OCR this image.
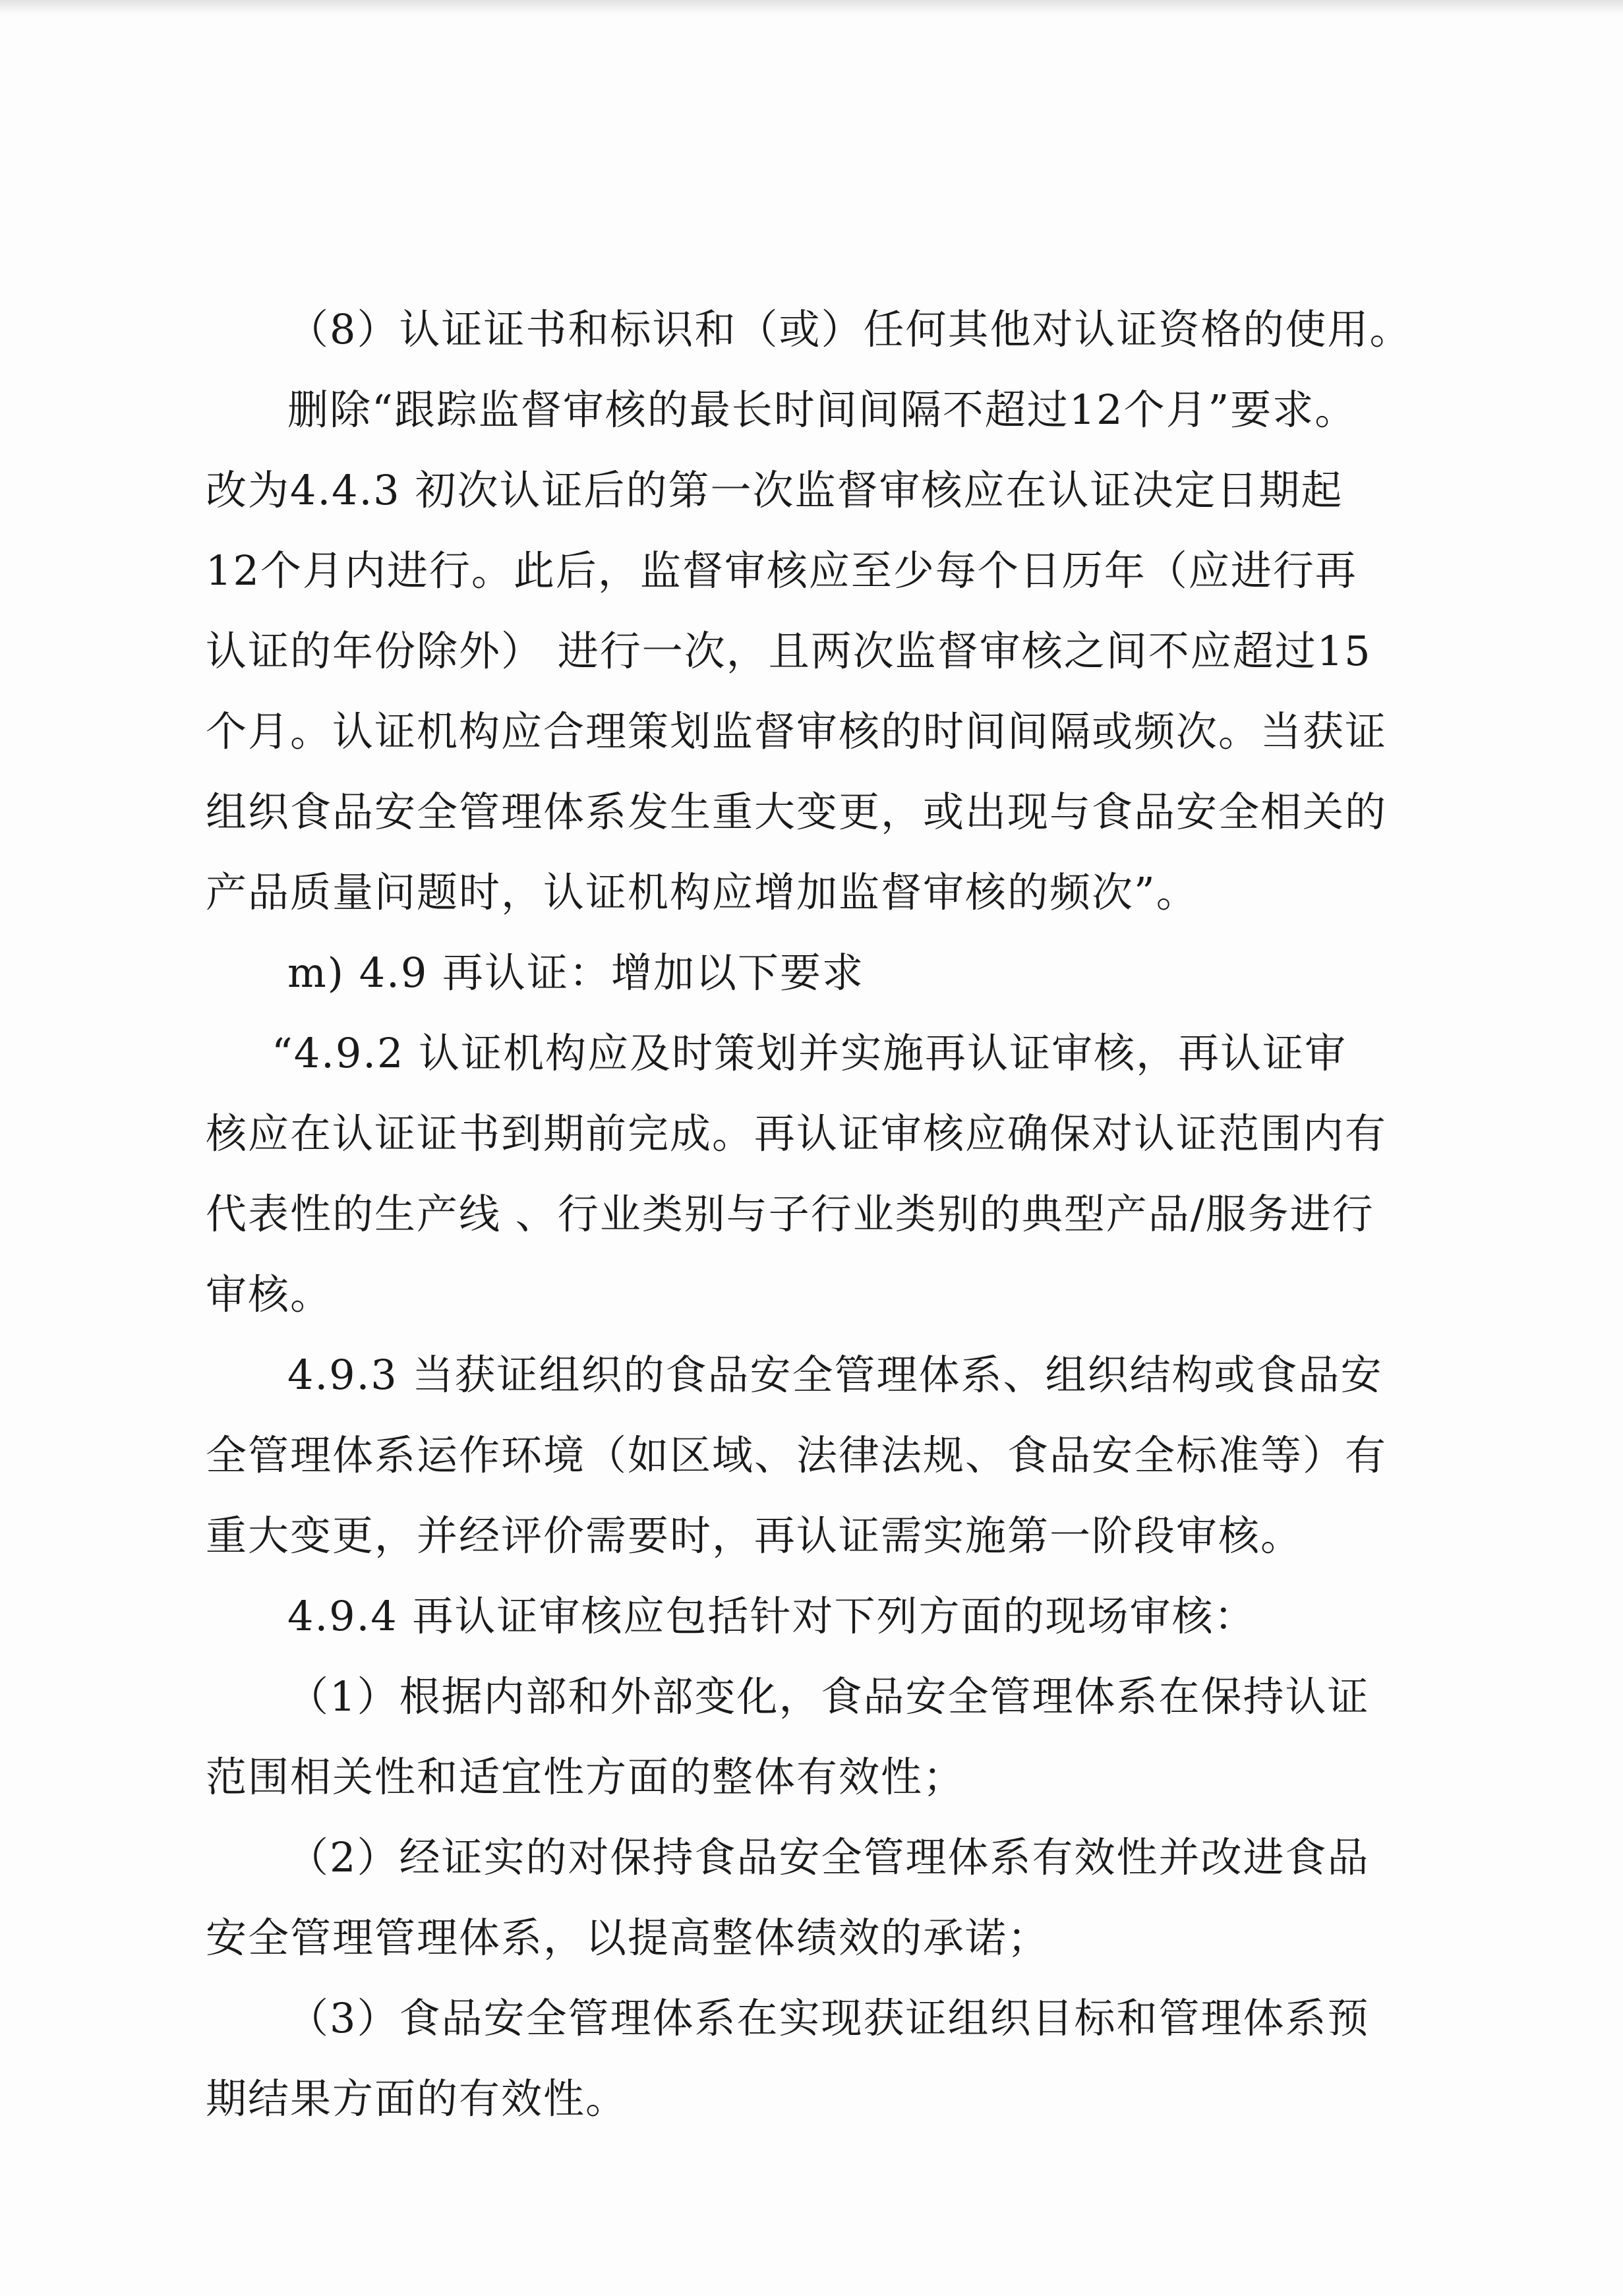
（8）认证证书和标识和（或）任何其他对认证资格的使用。
删除“跟踪监督审核的最长时间间隔不超过12个月”要求。
改为4.4.3 初次认证后的第一次监督审核应在认证决定日期起
12个月内进行。此后，监督审核应至少每个日历年（应进行再
认证的年份除外） 进行一次，且两次监督审核之间不应超过15
个月。认证机构应合理策划监督审核的时间间隔或频次。当获证
组织食品安全管理体系发生重大变更，或出现与食品安全相关的
产品质量问题时，认证机构应增加监督审核的频次”。
m) 4.9 再认证：增加以下要求
“4.9.2 认证机构应及时策划并实施再认证审核，再认证审
核应在认证证书到期前完成。再认证审核应确保对认证范围内有
代表性的生产线 、行业类别与子行业类别的典型产品/服务进行
审核。
4.9.3 当获证组织的食品安全管理体系、组织结构或食品安
全管理体系运作环境（如区域、法律法规、食品安全标准等）有
重大变更，并经评价需要时，再认证需实施第一阶段审核。
4.9.4 再认证审核应包括针对下列方面的现场审核：
（1）根据内部和外部变化，食品安全管理体系在保持认证
范围相关性和适宜性方面的整体有效性；
（2）经证实的对保持食品安全管理体系有效性并改进食品
安全管理管理体系，以提高整体绩效的承诺；
（3）食品安全管理体系在实现获证组织目标和管理体系预
期结果方面的有效性。
